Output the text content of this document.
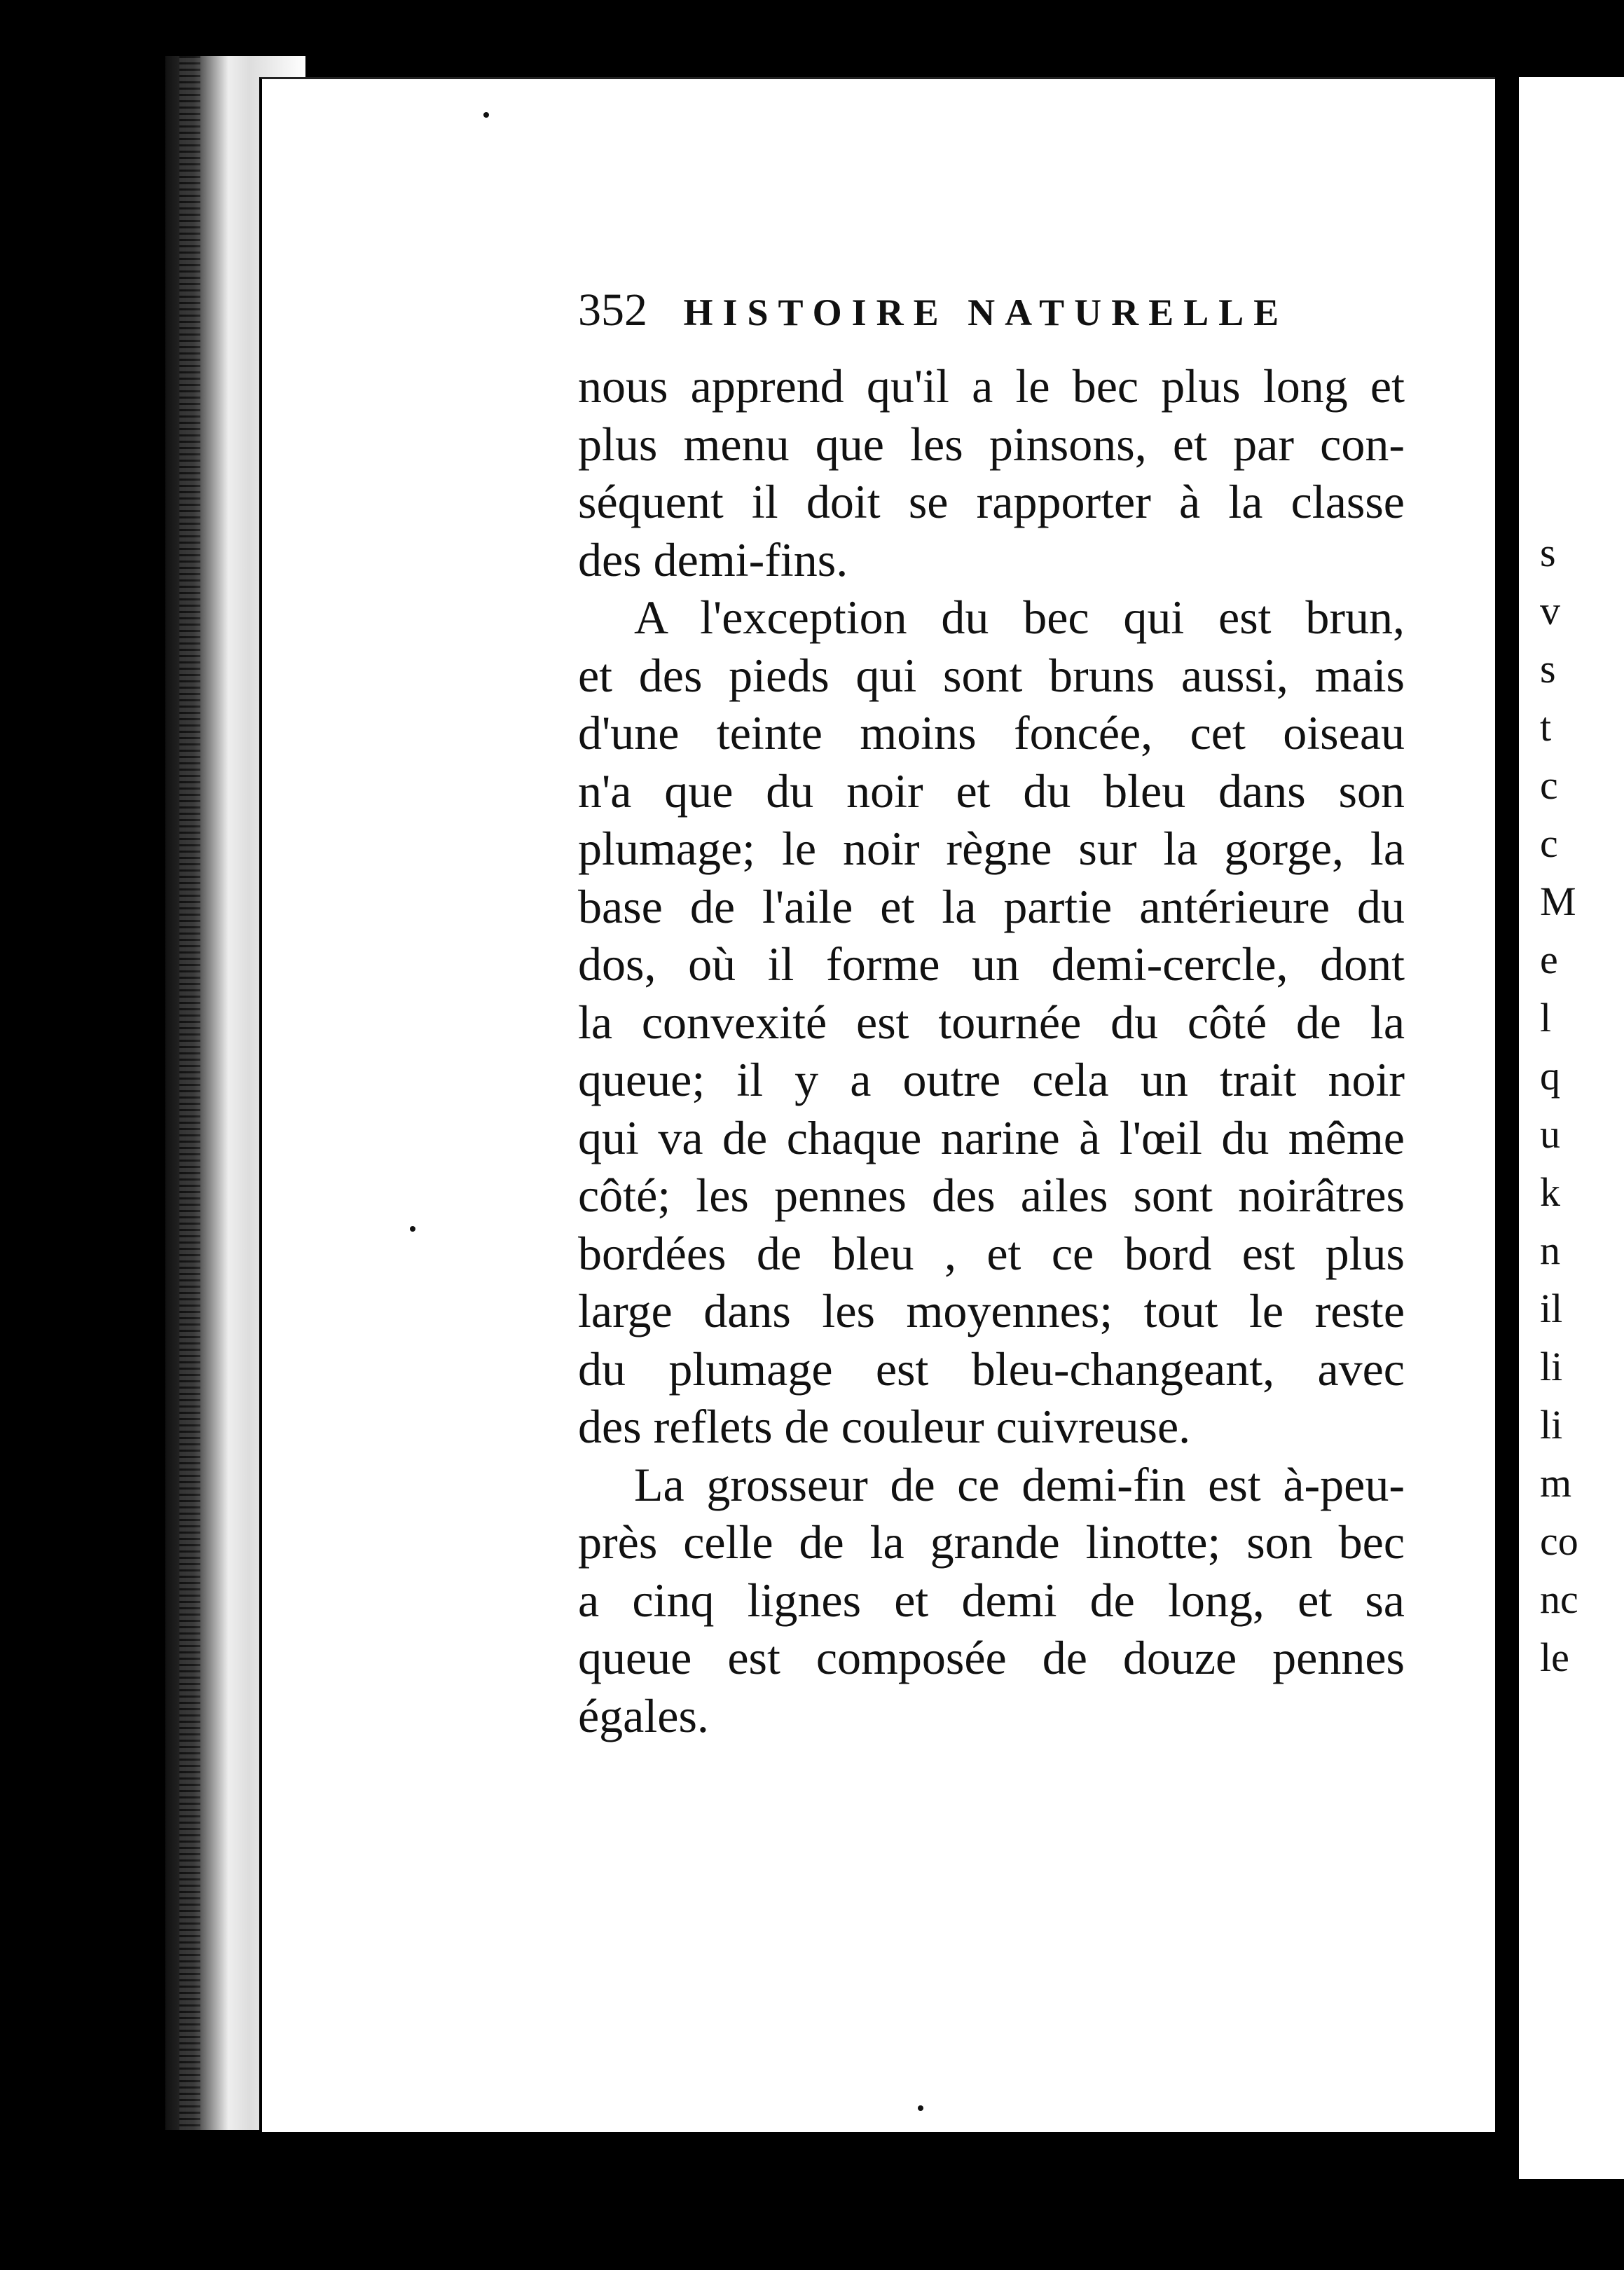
s
v
s
t
c
c
M
e
l
q
u
k
n
il
li
li
m
co
nc
le
352 HISTOIRE NATURELLE
nous apprend qu'il a le bec plus long et
plus menu que les pinsons, et par con-
séquent il doit se rapporter à la classe
des demi-fins.
A l'exception du bec qui est brun,
et des pieds qui sont bruns aussi, mais
d'une teinte moins foncée, cet oiseau
n'a que du noir et du bleu dans son
plumage; le noir règne sur la gorge, la
base de l'aile et la partie antérieure du
dos, où il forme un demi-cercle, dont
la convexité est tournée du côté de la
queue; il y a outre cela un trait noir
qui va de chaque narine à l'œil du même
côté; les pennes des ailes sont noirâtres
bordées de bleu , et ce bord est plus
large dans les moyennes; tout le reste
du plumage est bleu-changeant, avec
des reflets de couleur cuivreuse.
La grosseur de ce demi-fin est à-peu-
près celle de la grande linotte; son bec
a cinq lignes et demi de long, et sa
queue est composée de douze pennes
égales.
